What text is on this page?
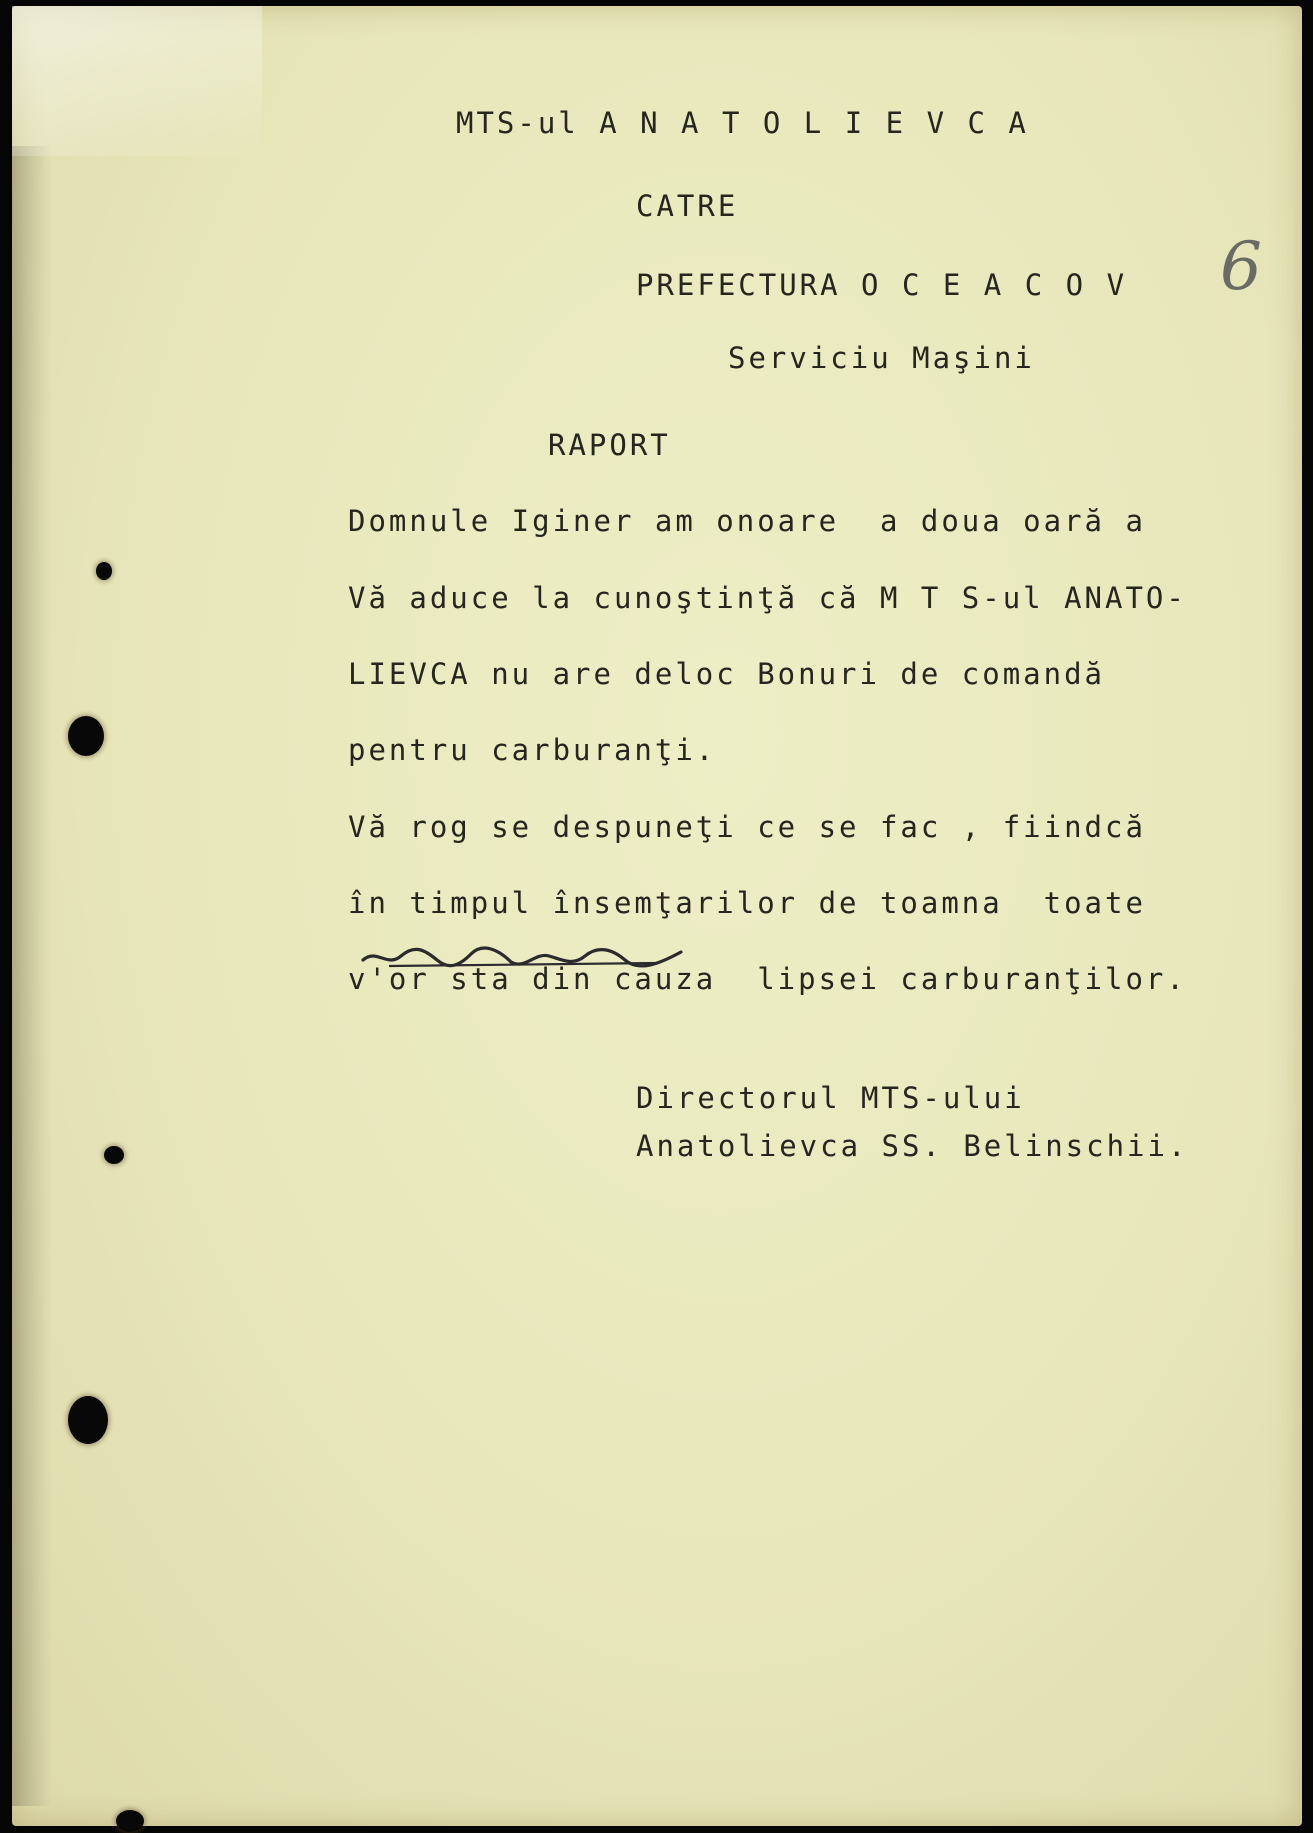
MTS-ul A N A T O L I E V C A

CATRE

PREFECTURA O C E A C O V

Serviciu Maşini

6

RAPORT

Domnule Iginer am onoare  a doua oară a

Vă aduce la cunoştinţă că M T S-ul ANATO-

LIEVCA nu are deloc Bonuri de comandă

pentru carburanţi.

Vă rog se despuneţi ce se fac , fiindcă

în timpul însemţarilor de toamna  toate

v'or sta din cauza  lipsei carburanţilor.

Directorul MTS-ului

Anatolievca SS. Belinschii.
